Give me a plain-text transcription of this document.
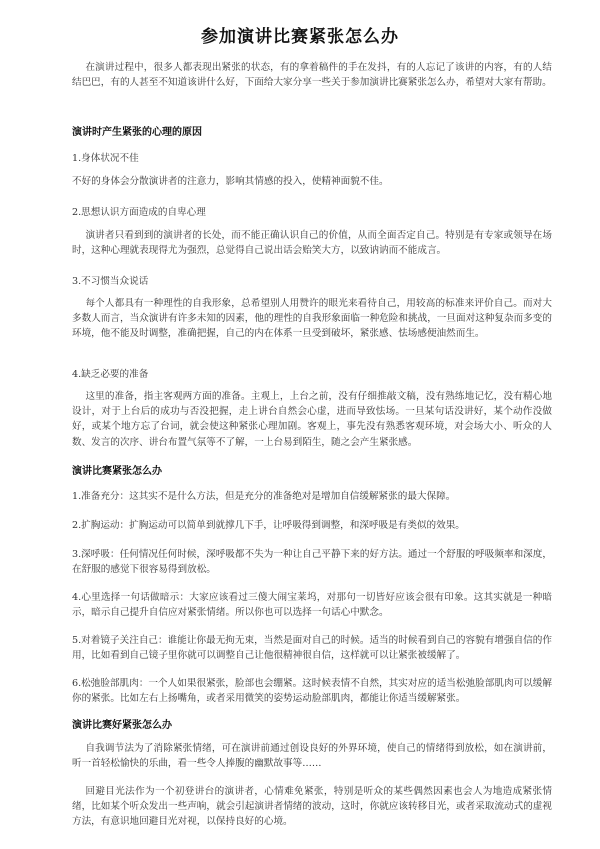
参加演讲比赛紧张怎么办

在演讲过程中，很多人都表现出紧张的状态，有的拿着稿件的手在发抖，有的人忘记了该讲的内容，有的人结结巴巴，有的人甚至不知道该讲什么好，下面给大家分享一些关于参加演讲比赛紧张怎么办，希望对大家有帮助。

演讲时产生紧张的心理的原因

1.身体状况不佳

不好的身体会分散演讲者的注意力，影响其情感的投入，使精神面貌不佳。

2.思想认识方面造成的自卑心理

演讲者只看到到的演讲者的长处，而不能正确认识自己的价值，从而全面否定自己。特别是有专家或领导在场时，这种心理就表现得尤为强烈，总觉得自己说出话会贻笑大方，以致讷讷而不能成言。

3.不习惯当众说话

每个人都具有一种理性的自我形象，总希望别人用赞许的眼光来看待自己，用较高的标准来评价自己。而对大多数人而言，当众演讲有许多未知的因素，他的理性的自我形象面临一种危险和挑战，一旦面对这种复杂而多变的环境，他不能及时调整，准确把握，自己的内在体系一旦受到破坏，紧张感、怯场感便油然而生。

4.缺乏必要的准备

这里的准备，指主客观两方面的准备。主观上，上台之前，没有仔细推敲文稿，没有熟练地记忆，没有精心地设计，对于上台后的成功与否没把握，走上讲台自然会心虚，进而导致怯场。一旦某句话没讲好，某个动作没做好，或某个地方忘了台词，就会使这种紧张心理加剧。客观上，事先没有熟悉客观环境，对会场大小、听众的人数、发言的次序、讲台布置气氛等不了解，一上台易到陌生，随之会产生紧张感。

演讲比赛紧张怎么办

1.准备充分：这其实不是什么方法，但是充分的准备绝对是增加自信缓解紧张的最大保障。

2.扩胸运动：扩胸运动可以简单到就撑几下手，让呼吸得到调整，和深呼吸是有类似的效果。

3.深呼吸：任何情况任何时候，深呼吸都不失为一种让自己平静下来的好方法。通过一个舒服的呼吸频率和深度，在舒服的感觉下很容易得到放松。

4.心里选择一句话做暗示：大家应该看过三傻大闹宝莱坞，对那句一切皆好应该会很有印象。这其实就是一种暗示，暗示自己提升自信应对紧张情绪。所以你也可以选择一句话心中默念。

5.对着镜子关注自己：谁能让你最无拘无束，当然是面对自己的时候。适当的时候看到自己的容貌有增强自信的作用，比如看到自己镜子里你就可以调整自己让他很精神很自信，这样就可以让紧张被缓解了。

6.松弛脸部肌肉：一个人如果很紧张，脸部也会绷紧。这时候表情不自然，其实对应的适当松弛脸部肌肉可以缓解你的紧张。比如左右上扬嘴角，或者采用微笑的姿势运动脸部肌肉，都能让你适当缓解紧张。

演讲比赛好紧张怎么办

自我调节法为了消除紧张情绪，可在演讲前通过创设良好的外界环境，使自己的情绪得到放松，如在演讲前，听一首轻松愉快的乐曲，看一些令人捧腹的幽默故事等……

回避目光法作为一个初登讲台的演讲者，心情难免紧张，特别是听众的某些偶然因素也会人为地造成紧张情绪，比如某个听众发出一些声响，就会引起演讲者情绪的波动，这时，你就应该转移目光，或者采取流动式的虚视方法，有意识地回避目光对视，以保持良好的心境。
